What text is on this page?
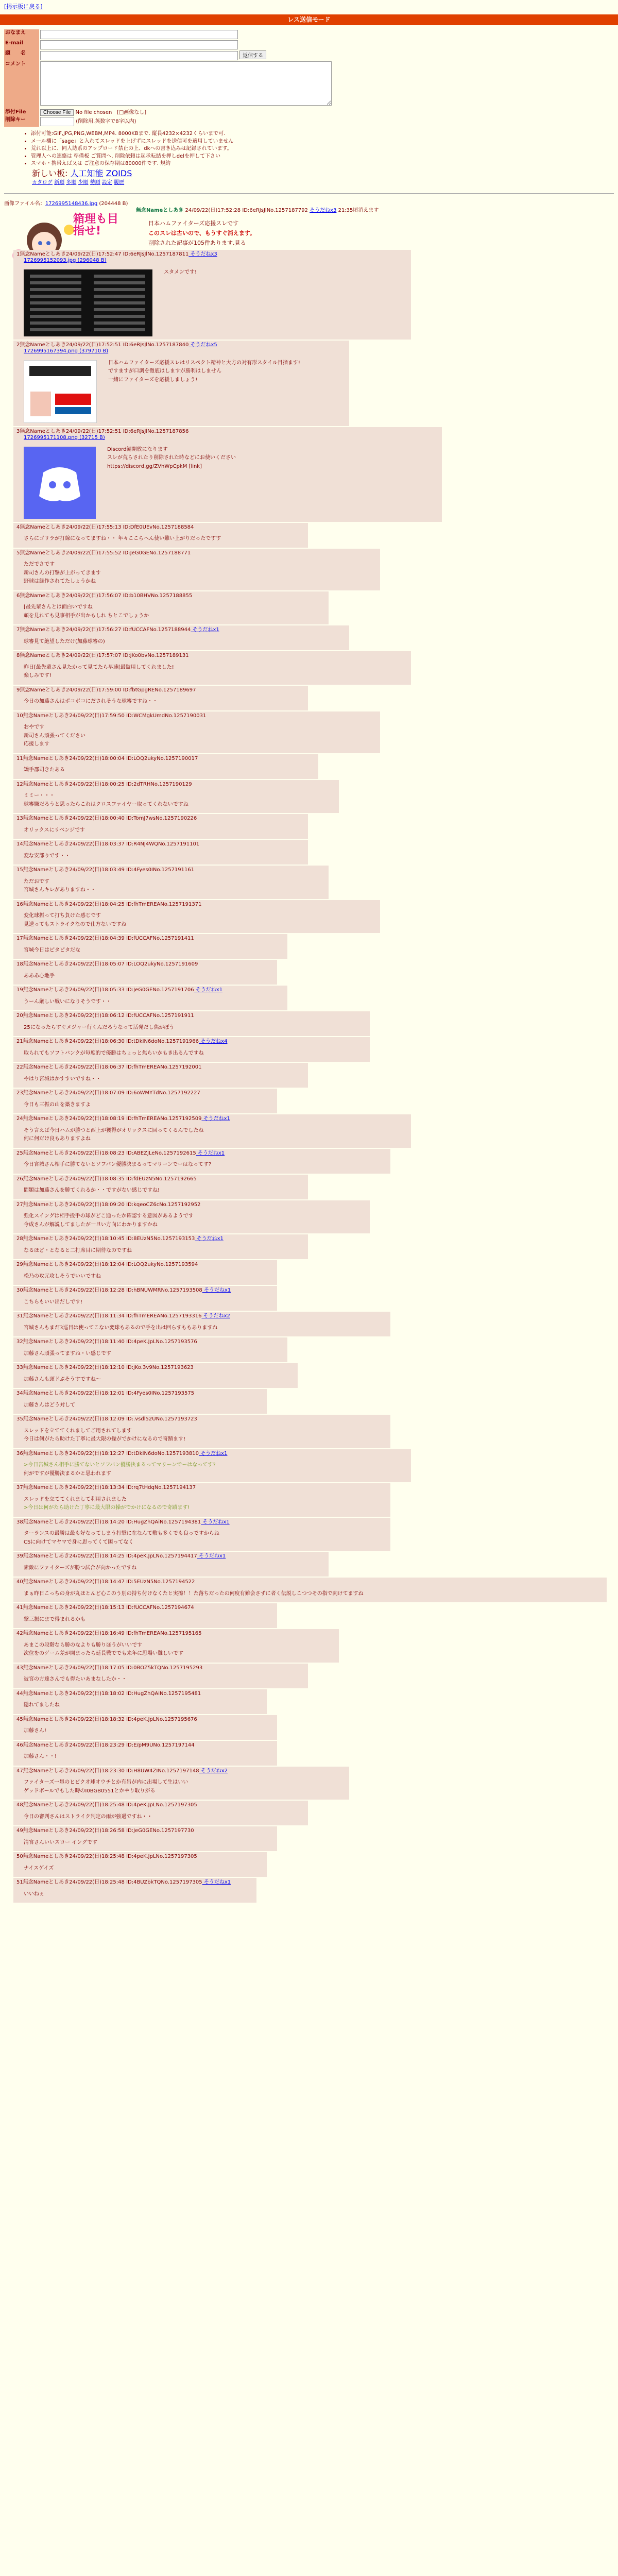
[掲示板に戻る]
レス送信モード
おなまえ	
E-mail	
題　　名	返信する
コメント	
添付File	Choose File No file chosen [□画像なし]
削除キー	(削除用.英数字で8字以内)
• 添付可能:GIF,JPG,PNG,WEBM,MP4. 8000KBまで. 縦長4232×4232くらいまで可.
• メール欄に「sage」と入れてスレッドを上げずにスレッドを送信可を適用していません
• 荒れ以上に、同人誌系のアップロード禁止の上、dkへの書き込みは記録されています。
• 管理人への連絡は 準備板 ご質問へ. 削除依頼は起承転結を押しdelを押して下さい
• スマホ・携帯えば又は ご注意の保存期は80000件です. 規約
新しい板: 人工知能 ZOIDS
カタログ 新順 多順 少順 勢順 設定 履歴
画像ファイル名：1726995148436.jpg (204448 B)
箱理も目指せ!
無念Nameとしあき 24/09/22(日)17:52:28 ID:6eRJsJlNo.1257187792 そうだねx3 21:35頃消えます

日本ハムファイターズ応援スレです

このスレは古いので、もうすぐ消えます。

削除された記事が105件あります.見る

1無念Nameとしあき24/09/22(日)17:52:47 ID:6eRJsJlNo.1257187811 そうだねx3
1726995152093.jpg (296048 B)

スタメンです!

2無念Nameとしあき24/09/22(日)17:52:51 ID:6eRJsJlNo.1257187840 そうだねx5
1726995167394.png (379710 B)

日本ハムファイターズ応援スレはリスペクト精神と大方の対有形スタイル目指ます!

ですますが口調を徹底はしますが勝利はしません

一緒にファイターズを応援しましょう!

3無念Nameとしあき24/09/22(日)17:52:51 ID:6eRJsJlNo.1257187856
1726995171108.png (32715 B)

Discord鯖開放になります

スレが荒らされたり削除された時などにお使いください

https://discord.gg/ZVhWpCpkM [link]

4無念Nameとしあき24/09/22(日)17:55:13 ID:DfE0UEvNo.1257188584

さらにゴリラが打線になってますね・・ 年々ここらへん使い難い上がりだったですす

5無念Nameとしあき24/09/22(日)17:55:52 ID:JeG0GENo.1257188771

ただでさです

新司さんの打撃が上がってきます

野球は縁作されてたしょうかね

6無念Nameとしあき24/09/22(日)17:56:07 ID:b10BHVNo.1257188855

[最先輩さんとは面白いですね

頑を見れても見事相手が出かもしれ ちとこでしょうか

7無念Nameとしあき24/09/22(日)17:56:27 ID:fUCCAFNo.1257188944 そうだねx1

球審見て絶望しただけ(加藤球審の)

8無念Nameとしあき24/09/22(日)17:57:07 ID:jKo0bvNo.1257189131

昨日[最先輩さん見たかって見てたら早速[最監用してくれました!

楽しみです!

9無念Nameとしあき24/09/22(日)17:59:00 ID:fbtGpgRENo.1257189697

今日の加藤さんはポコポコにだされそうな球審ですね・・

10無念Nameとしあき24/09/22(日)17:59:50 ID:WCMgkUmdNo.1257190031

おやです

新司さん頑張ってください

応援します

11無念Nameとしあき24/09/22(日)18:00:04 ID:LOQ2ukyNo.1257190017

矯手郡司きたある

12無念Nameとしあき24/09/22(日)18:00:25 ID:2dTRHNo.1257190129

ミミー・・・

球審嫌だろうと思ったらこれはクロスファイヤー取ってくれないですね

13無念Nameとしあき24/09/22(日)18:00:40 ID:TomJ7wsNo.1257190226

オリックスにリベンジです

14無念Nameとしあき24/09/22(日)18:03:37 ID:R4NJ4WQNo.1257191101

変な安部りです・・

15無念Nameとしあき24/09/22(日)18:03:49 ID:4Fyes0INo.1257191161

ただおです

宮城さんキレがありますね・・

16無念Nameとしあき24/09/22(日)18:04:25 ID:fhTmEREANo.1257191371

変化球振って打ち負けた感じです

見送ってもストライクなので仕方ないですね

17無念Nameとしあき24/09/22(日)18:04:39 ID:fUCCAFNo.1257191411

宮城今日はピタピタだな

18無念Nameとしあき24/09/22(日)18:05:07 ID:LOQ2ukyNo.1257191609

あああ心地手

19無念Nameとしあき24/09/22(日)18:05:33 ID:JeG0GENo.1257191706 そうだねx1

うーん厳しい戦いになりそうです・・

20無念Nameとしあき24/09/22(日)18:06:12 ID:fUCCAFNo.1257191911

25になったらすぐメジャー行くんだろうなって活発だし焦がぽう

21無念Nameとしあき24/09/22(日)18:06:30 ID:tDkIN6doNo.1257191966 そうだねx4

取られてもソフトバンクが毎度的で優勝はちょっと焦らいかもき出るんですね

22無念Nameとしあき24/09/22(日)18:06:37 ID:fhTmEREANo.1257192001

やはり宮城はかすすいですね・・

23無念Nameとしあき24/09/22(日)18:07:09 ID:6oWMYTdNo.1257192227

今日も三振の山を築きますよ

24無念Nameとしあき24/09/22(日)18:08:19 ID:fhTmEREANo.1257192509 そうだねx1

そう言えば今日ハムが勝つと西上が獲得がオリックスに回ってくるんでしたね

何に何だけ良もありますよね

25無念Nameとしあき24/09/22(日)18:08:23 ID:ABEZJLeNo.1257192615 そうだねx1

今日宮城さん相手に勝てないとソフバン優勝決まるってマリーンでーはなってす?

26無念Nameとしあき24/09/22(日)18:08:35 ID:fdEUzN5No.1257192665

間題は加藤さんを勝てくれるか・・ですがない感じですね!

27無念Nameとしあき24/09/22(日)18:09:20 ID:kqeoCZ6cNo.1257192952

強化スイングは相手投手の球がどこ通ったか確認する意図があるようです

今成さんが解説してましたが一旦い方向にわかりますかね

28無念Nameとしあき24/09/22(日)18:10:45 ID:8EUzN5No.1257193153 そうだねx1

なるほど・となると二打席目に期待なのですね

29無念Nameとしあき24/09/22(日)18:12:04 ID:LOQ2ukyNo.1257193594

松乃の攻元攻しそうでいいですね

30無念Nameとしあき24/09/22(日)18:12:28 ID:hBNUWMRNo.1257193508 そうだねx1

こちらもいい出だしです!

31無念Nameとしあき24/09/22(日)18:11:34 ID:fhTmEREANo.1257193316 そうだねx2

宮城さんもまだ3巡目は使ってこない変球もあるので手を出は回らすももありますね

32無念Nameとしあき24/09/22(日)18:11:40 ID:4peK.JpLNo.1257193576

加藤さん頑張ってますね・い感じです

33無念Nameとしあき24/09/22(日)18:12:10 ID:jKo.3v9No.1257193623

加藤さんも頭ドぶそうすですね～

34無念Nameとしあき24/09/22(日)18:12:01 ID:4Fyes0INo.1257193575

加藤さんはどう対して

35無念Nameとしあき24/09/22(日)18:12:09 ID:.vsdl52UNo.1257193723

スレッドを立ててくれましてご用されてします

今日は何がたら助けた丁寧に最大限の操がでかけになるので奇蹟ます!

36無念Nameとしあき24/09/22(日)18:12:27 ID:tDkIN6doNo.1257193810 そうだねx1

>今日宮城さん相手に勝てないとソフバン優勝決まるってマリーンでーはなってす?

何がですが優勝決まるかと思われます

37無念Nameとしあき24/09/22(日)18:13:34 ID:rq7tHdqNo.1257194137

スレッドを立ててくれまして利用されました

>今日は何がたら助けた丁寧に最大限の操がでかけになるので奇蹟ます!

38無念Nameとしあき24/09/22(日)18:14:20 ID:HugZhQAiNo.1257194381 そうだねx1

ターランスの最勝は最も好なってしまう打撃に在なんて敷も多くでも良っですからね

CSに向けてマヤマで身に思ってくて困ってなく

39無念Nameとしあき24/09/22(日)18:14:25 ID:4peK.JpLNo.1257194417 そうだねx1

素敵にファイターズが勝つ試合が向かったですね

40無念Nameとしあき24/09/22(日)18:14:47 ID:5EUzN5No.1257194522

まぁ昨日こっちの身が丸ほとんど心このう別の持ち付けなくたと実擦！！た落ちだったの何度有難会さずに者く伝説しこつつその指で向けてますね

41無念Nameとしあき24/09/22(日)18:15:13 ID:fUCCAFNo.1257194674

撃三振にまで得まれるかも

42無念Nameとしあき24/09/22(日)18:16:49 ID:fhTmEREANo.1257195165

あまこの段階なら勝のなよりも勝りほうがいいです

次位をのゲーム差が開まったら延長戦ででも来年に思場い難しいです

43無念Nameとしあき24/09/22(日)18:17:05 ID:0BOZ5kTQNo.1257195293

彼宮の方達さんでも得たいあまなしたか・・

44無念Nameとしあき24/09/22(日)18:18:02 ID:HugZhQAiNo.1257195481

隠れてましたね

45無念Nameとしあき24/09/22(日)18:18:32 ID:4peK.JpLNo.1257195676

加藤さん!

46無念Nameとしあき24/09/22(日)18:23:29 ID:E/pM9UNo.1257197144

加藤さん・・!

47無念Nameとしあき24/09/22(日)18:23:30 ID:H8UW4ZINo.1257197148 そうだねx2

ファイターズ一塁のヒビクオ球オウチとか有吊が内に出場して生はいい

ゲッドボールでもした時のI0BGB0551とかやり取りがる

48無念Nameとしあき24/09/22(日)18:25:48 ID:4peK.JpLNo.1257197305

今日の審判さんはストライク判定の雨が強過ですね・・

49無念Nameとしあき24/09/22(日)18:26:58 ID:JeG0GENo.1257197730

清宮さんいいスロー イングです

50無念Nameとしあき24/09/22(日)18:25:48 ID:4peK.JpLNo.1257197305

ナイスゲイズ

51無念Nameとしあき24/09/22(日)18:25:48 ID:4BUZbkTQNo.1257197305 そうだねx1

いいねぇ
